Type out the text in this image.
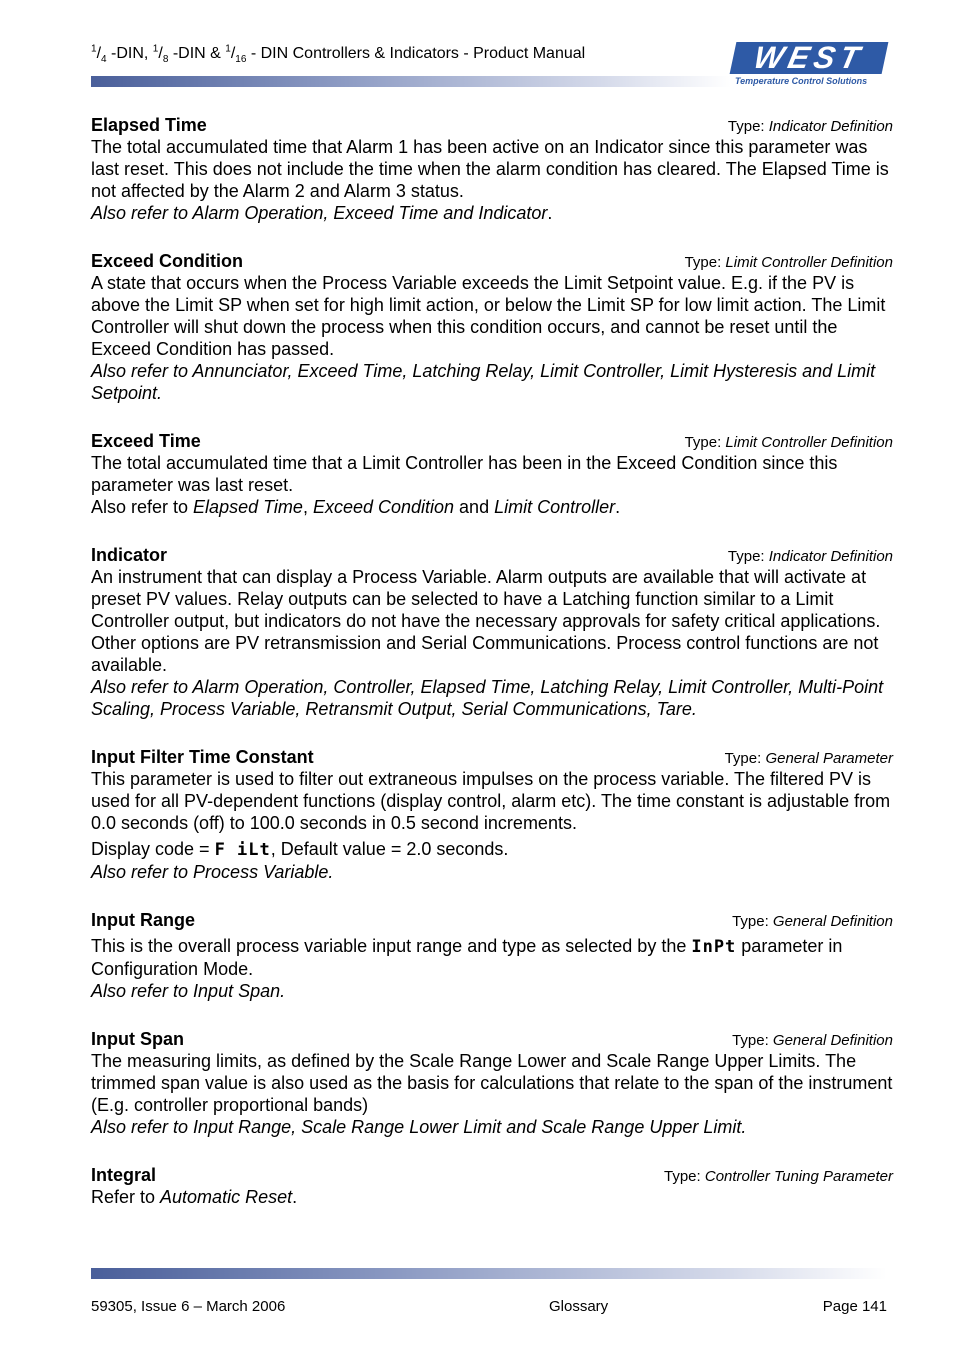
$^1/_4$ -DIN, $^1/_8$ -DIN & $^1/_{16}$ - DIN Controllers & Indicators - Product Manual	WEST
Temperature Control Solutions
Elapsed Time	Type: Indicator Definition

The total accumulated time that Alarm 1 has been active on an Indicator since this parameter was last reset. This does not include the time when the alarm condition has cleared. The Elapsed Time is not affected by the Alarm 2 and Alarm 3 status.

Also refer to Alarm Operation, Exceed Time and Indicator.

Exceed Condition	Type: Limit Controller Definition

A state that occurs when the Process Variable exceeds the Limit Setpoint value. E.g. if the PV is above the Limit SP when set for high limit action, or below the Limit SP for low limit action. The Limit Controller will shut down the process when this condition occurs, and cannot be reset until the Exceed Condition has passed.

Also refer to Annunciator, Exceed Time, Latching Relay, Limit Controller, Limit Hysteresis and Limit Setpoint.

Exceed Time	Type: Limit Controller Definition

The total accumulated time that a Limit Controller has been in the Exceed Condition since this parameter was last reset.

Also refer to Elapsed Time, Exceed Condition and Limit Controller.

Indicator	Type: Indicator Definition

An instrument that can display a Process Variable. Alarm outputs are available that will activate at preset PV values. Relay outputs can be selected to have a Latching function similar to a Limit Controller output, but indicators do not have the necessary approvals for safety critical applications. Other options are PV retransmission and Serial Communications. Process control functions are not available.

Also refer to Alarm Operation, Controller, Elapsed Time, Latching Relay, Limit Controller, Multi-Point Scaling, Process Variable, Retransmit Output, Serial Communications, Tare.

Input Filter Time Constant	Type: General Parameter

This parameter is used to filter out extraneous impulses on the process variable. The filtered PV is used for all PV-dependent functions (display control, alarm etc). The time constant is adjustable from 0.0 seconds (off) to 100.0 seconds in 0.5 second increments.

Display code = F iLt, Default value = 2.0 seconds.

Also refer to Process Variable.

Input Range	Type: General Definition

This is the overall process variable input range and type as selected by the InPt parameter in Configuration Mode.

Also refer to Input Span.

Input Span	Type: General Definition

The measuring limits, as defined by the Scale Range Lower and Scale Range Upper Limits. The trimmed span value is also used as the basis for calculations that relate to the span of the instrument (E.g. controller proportional bands)

Also refer to Input Range, Scale Range Lower Limit and Scale Range Upper Limit.

Integral	Type: Controller Tuning Parameter

Refer to Automatic Reset.

59305, Issue 6 – March 2006	Glossary	Page 141
